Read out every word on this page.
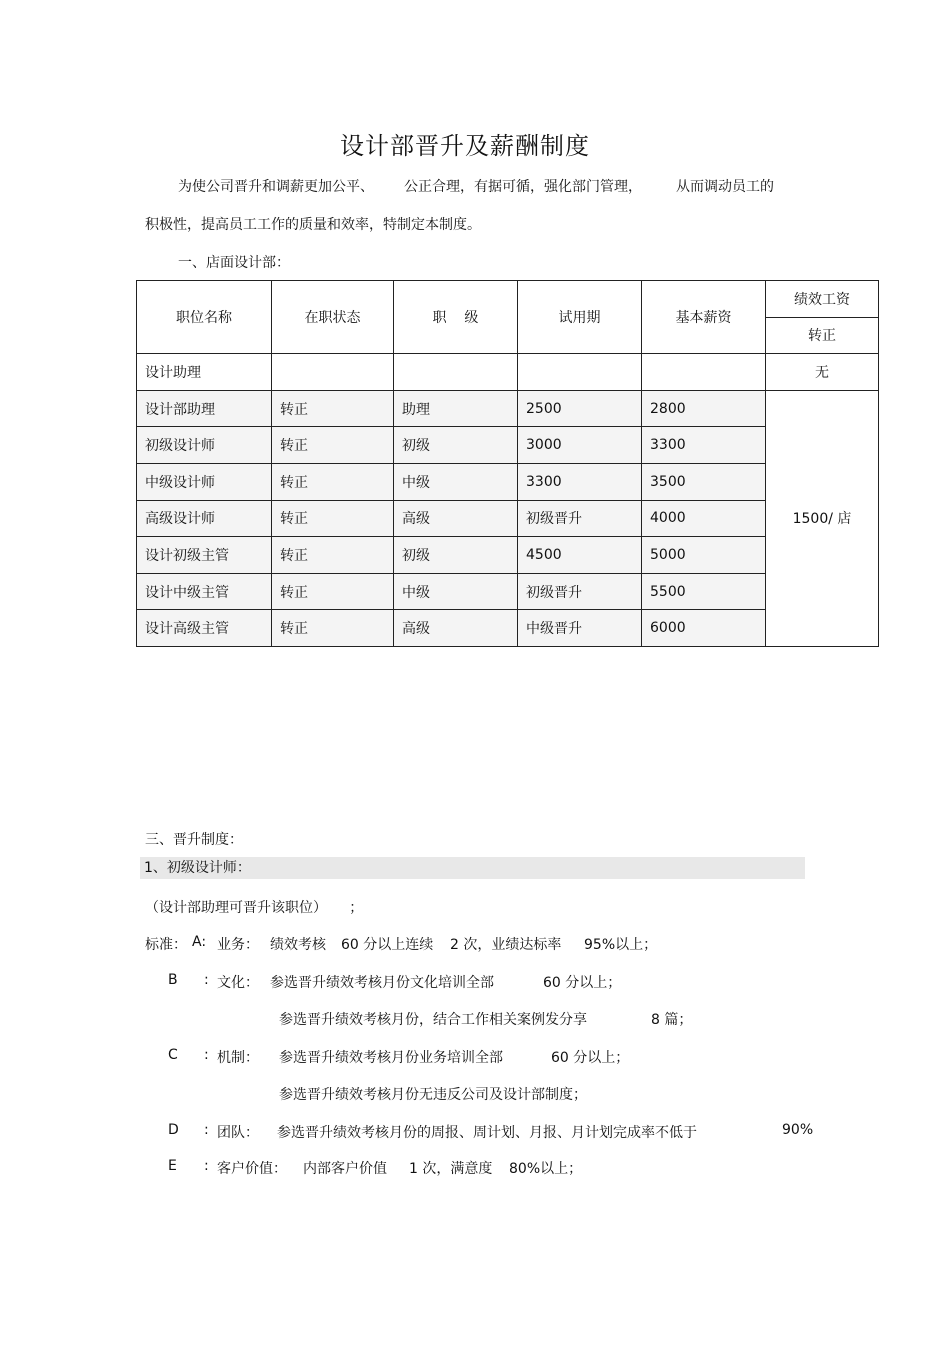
设计部晋升及薪酬制度
为使公司晋升和调薪更加公平、 公正合理，有据可循，强化部门管理， 从而调动员工的
积极性，提高员工工作的质量和效率，特制定本制度。
一、店面设计部：
职位名称	在职状态	职    级	试用期	基本薪资	绩效工资
					转正
设计助理					无
设计部助理	转正	助理	2500	2800	1500/ 店
初级设计师	转正	初级	3000	3300	
中级设计师	转正	中级	3300	3500	
高级设计师	转正	高级	初级晋升	4000	
设计初级主管	转正	初级	4500	5000	
设计中级主管	转正	中级	初级晋升	5500	
设计高级主管	转正	高级	中级晋升	6000	
三、晋升制度：
1、初级设计师：
（设计部助理可晋升该职位）     ；
标准： A: 业务： 绩效考核 60 分以上连续 2 次，业绩达标率 95%以上；
B : 文化： 参选晋升绩效考核月份文化培训全部	60 分以上；
参选晋升绩效考核月份，结合工作相关案例发分享	8 篇；
C : 机制： 参选晋升绩效考核月份业务培训全部	60 分以上；
参选晋升绩效考核月份无违反公司及设计部制度；
D : 团队： 参选晋升绩效考核月份的周报、周计划、月报、月计划完成率不低于	90%
E : 客户价值： 内部客户价值 1 次，满意度 80%以上；
